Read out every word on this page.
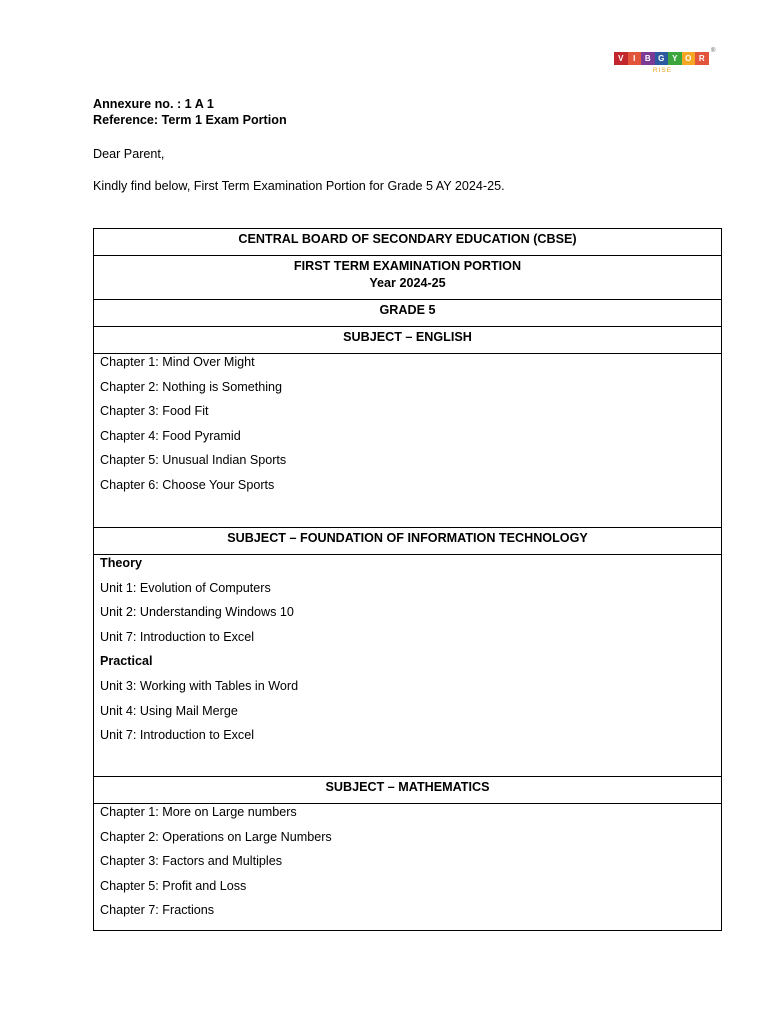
V	I	B G Y O R
®
RISE
Annexure no. : 1 A 1
Reference: Term 1 Exam Portion
Dear Parent,
Kindly find below, First Term Examination Portion for Grade 5 AY 2024-25.
CENTRAL BOARD OF SECONDARY EDUCATION (CBSE)
FIRST TERM EXAMINATION PORTION
Year 2024-25
GRADE 5
SUBJECT – ENGLISH
Chapter 1: Mind Over Might
Chapter 2: Nothing is Something
Chapter 3: Food Fit
Chapter 4: Food Pyramid
Chapter 5: Unusual Indian Sports
Chapter 6: Choose Your Sports
SUBJECT – FOUNDATION OF INFORMATION TECHNOLOGY
Theory
Unit 1: Evolution of Computers
Unit 2: Understanding Windows 10
Unit 7: Introduction to Excel
Practical
Unit 3: Working with Tables in Word
Unit 4: Using Mail Merge
Unit 7: Introduction to Excel
SUBJECT – MATHEMATICS
Chapter 1: More on Large numbers
Chapter 2: Operations on Large Numbers
Chapter 3: Factors and Multiples
Chapter 5: Profit and Loss
Chapter 7: Fractions
